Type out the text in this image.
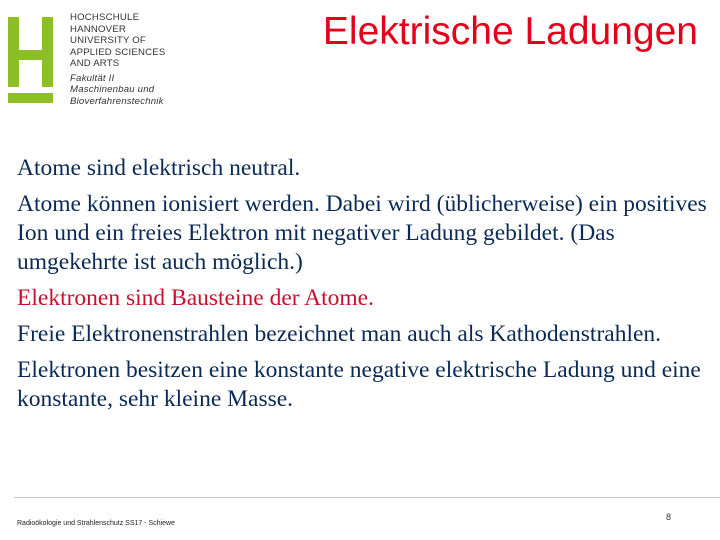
HOCHSCHULE
HANNOVER
UNIVERSITY OF
APPLIED SCIENCES
AND ARTS
Fakultät II
Maschinenbau und
Bioverfahrenstechnik
Elektrische Ladungen

Atome sind elektrisch neutral.

Atome können ionisiert werden. Dabei wird (üblicherweise) ein positives Ion und ein freies Elektron mit negativer Ladung gebildet. (Das umgekehrte ist auch möglich.)

Elektronen sind Bausteine der Atome.

Freie Elektronenstrahlen bezeichnet man auch als Kathodenstrahlen.

Elektronen besitzen eine konstante negative elektrische Ladung und eine konstante, sehr kleine Masse.

Radioökologie und Strahlenschutz SS17 - Schiewe
8
